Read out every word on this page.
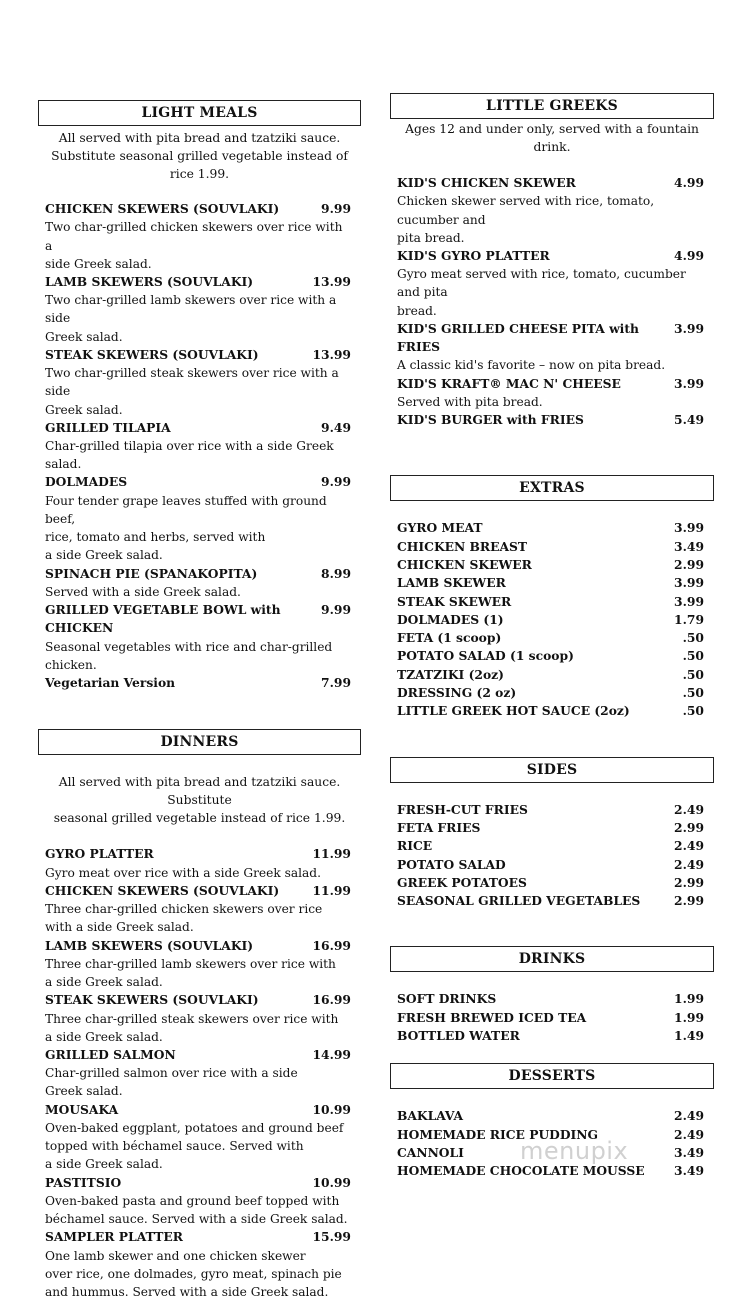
LIGHT MEALS
All served with pita bread and tzatziki sauce.
Substitute seasonal grilled vegetable instead of rice 1.99.
CHICKEN SKEWERS (SOUVLAKI)	9.99
Two char-grilled chicken skewers over rice with a
side Greek salad.
LAMB SKEWERS (SOUVLAKI)	13.99
Two char-grilled lamb skewers over rice with a side
Greek salad.
STEAK SKEWERS (SOUVLAKI)	13.99
Two char-grilled steak skewers over rice with a side
Greek salad.
GRILLED TILAPIA	9.49
Char-grilled tilapia over rice with a side Greek salad.
DOLMADES	9.99
Four tender grape leaves stuffed with ground beef,
rice, tomato and herbs, served with
a side Greek salad.
SPINACH PIE (SPANAKOPITA)	8.99
Served with a side Greek salad.
GRILLED VEGETABLE BOWL with CHICKEN
9.99
Seasonal vegetables with rice and char-grilled chicken.
Vegetarian Version	7.99
DINNERS
All served with pita bread and tzatziki sauce. Substitute
seasonal grilled vegetable instead of rice 1.99.
GYRO PLATTER	11.99
Gyro meat over rice with a side Greek salad.
CHICKEN SKEWERS (SOUVLAKI)	11.99
Three char-grilled chicken skewers over rice
with a side Greek salad.
LAMB SKEWERS (SOUVLAKI)	16.99
Three char-grilled lamb skewers over rice with
a side Greek salad.
STEAK SKEWERS (SOUVLAKI)	16.99
Three char-grilled steak skewers over rice with
a side Greek salad.
GRILLED SALMON	14.99
Char-grilled salmon over rice with a side
Greek salad.
MOUSAKA	10.99
Oven-baked eggplant, potatoes and ground beef
topped with béchamel sauce. Served with
a side Greek salad.
PASTITSIO	10.99
Oven-baked pasta and ground beef topped with
béchamel sauce. Served with a side Greek salad.
SAMPLER PLATTER	15.99
One lamb skewer and one chicken skewer
over rice, one dolmades, gyro meat, spinach pie
and hummus. Served with a side Greek salad.
LITTLE GREEKS
Ages 12 and under only, served with a fountain drink.
KID'S CHICKEN SKEWER	4.99
Chicken skewer served with rice, tomato, cucumber and
pita bread.
KID'S GYRO PLATTER	4.99
Gyro meat served with rice, tomato, cucumber and pita
bread.
KID'S GRILLED CHEESE PITA with FRIES
3.99
A classic kid's favorite – now on pita bread.
KID'S KRAFT® MAC N' CHEESE	3.99
Served with pita bread.
KID'S BURGER with FRIES	5.49
EXTRAS
GYRO MEAT	3.99
CHICKEN BREAST	3.49
CHICKEN SKEWER	2.99
LAMB SKEWER	3.99
STEAK SKEWER	3.99
DOLMADES (1)	1.79
FETA (1 scoop)	.50
POTATO SALAD (1 scoop)	.50
TZATZIKI (2oz)	.50
DRESSING (2 oz)	.50
LITTLE GREEK HOT SAUCE (2oz)	.50
SIDES
FRESH-CUT FRIES	2.49
FETA FRIES	2.99
RICE	2.49
POTATO SALAD	2.49
GREEK POTATOES	2.99
SEASONAL GRILLED VEGETABLES	2.99
DRINKS
SOFT DRINKS	1.99
FRESH BREWED ICED TEA	1.99
BOTTLED WATER	1.49
DESSERTS
BAKLAVA	2.49
HOMEMADE RICE PUDDING	2.49
CANNOLI	3.49
HOMEMADE CHOCOLATE MOUSSE 3.49
menupix
